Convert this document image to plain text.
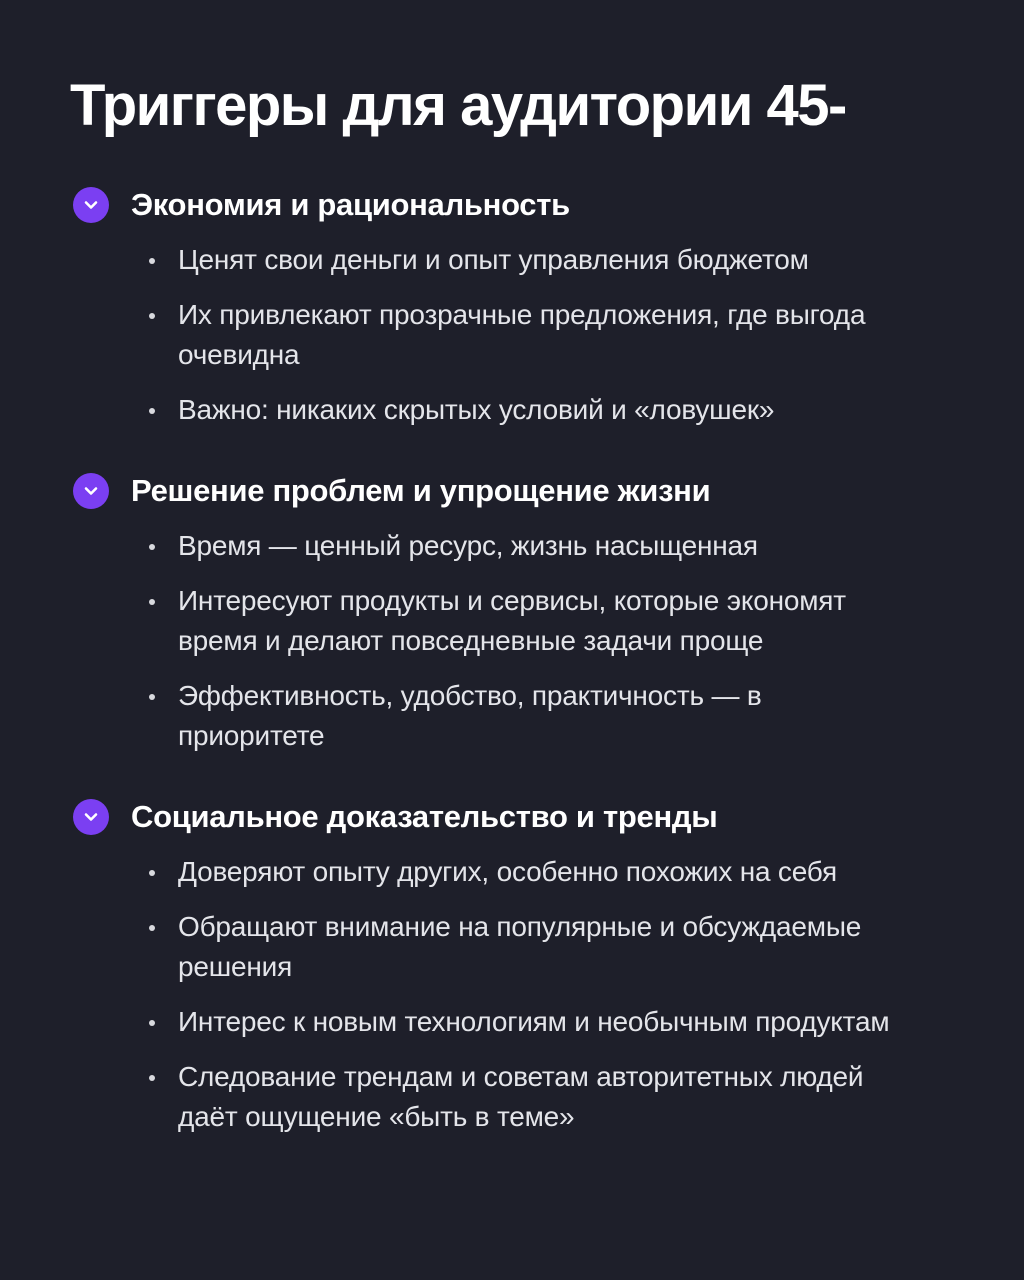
Триггеры для аудитории 45-
Экономия и рациональность
Ценят свои деньги и опыт управления бюджетом
Их привлекают прозрачные предложения, где выгода очевидна
Важно: никаких скрытых условий и «ловушек»
Решение проблем и упрощение жизни
Время — ценный ресурс, жизнь насыщенная
Интересуют продукты и сервисы, которые экономят время и делают повседневные задачи проще
Эффективность, удобство, практичность — в приоритете
Социальное доказательство и тренды
Доверяют опыту других, особенно похожих на себя
Обращают внимание на популярные и обсуждаемые решения
Интерес к новым технологиям и необычным продуктам
Следование трендам и советам авторитетных людей даёт ощущение «быть в теме»
